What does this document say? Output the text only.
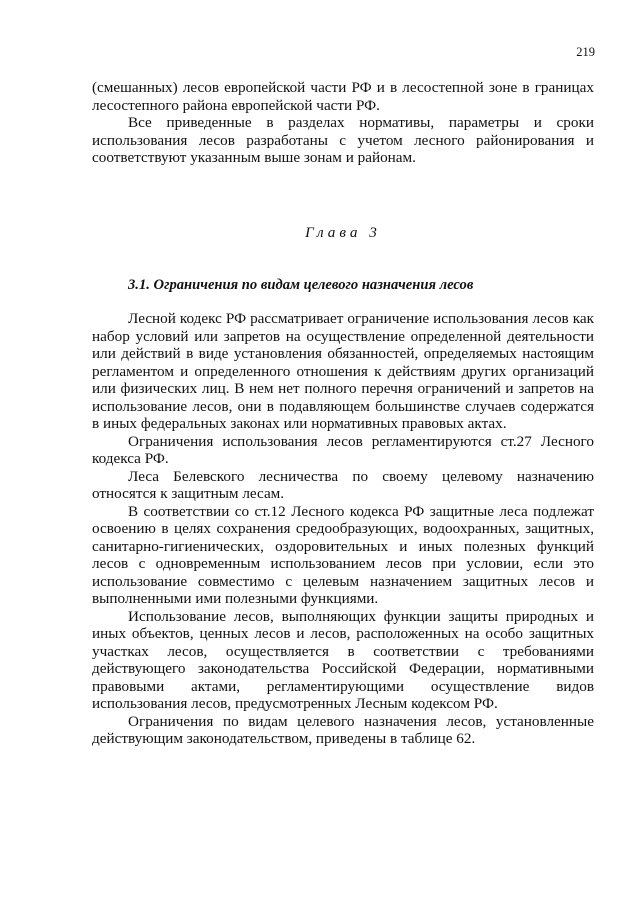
219

(смешанных) лесов европейской части РФ и в лесостепной зоне в границах лесостепного района европейской части РФ.

Все приведенные в разделах нормативы, параметры и сроки использования лесов разработаны с учетом лесного районирования и соответствуют указанным выше зонам и районам.

Глава 3
3.1. Ограничения по видам целевого назначения лесов

Лесной кодекс РФ рассматривает ограничение использования лесов как набор условий или запретов на осуществление определенной деятельности или действий в виде установления обязанностей, определяемых настоящим регламентом и определенного отношения к действиям других организаций или физических лиц. В нем нет полного перечня ограничений и запретов на использование лесов, они в подавляющем большинстве случаев содержатся в иных федеральных законах или нормативных правовых актах.

Ограничения использования лесов регламентируются ст.27 Лесного кодекса РФ.

Леса Белевского лесничества по своему целевому назначению относятся к защитным лесам.

В соответствии со ст.12 Лесного кодекса РФ защитные леса подлежат освоению в целях сохранения средообразующих, водоохранных, защитных, санитарно-гигиенических, оздоровительных и иных полезных функций лесов с одновременным использованием лесов при условии, если это использование совместимо с целевым назначением защитных лесов и выполненными ими полезными функциями.

Использование лесов, выполняющих функции защиты природных и иных объектов, ценных лесов и лесов, расположенных на особо защитных участках лесов, осуществляется в соответствии с требованиями действующего законодательства Российской Федерации, нормативными правовыми актами, регламентирующими осуществление видов использования лесов, предусмотренных Лесным кодексом РФ.

Ограничения по видам целевого назначения лесов, установленные действующим законодательством, приведены в таблице 62.
